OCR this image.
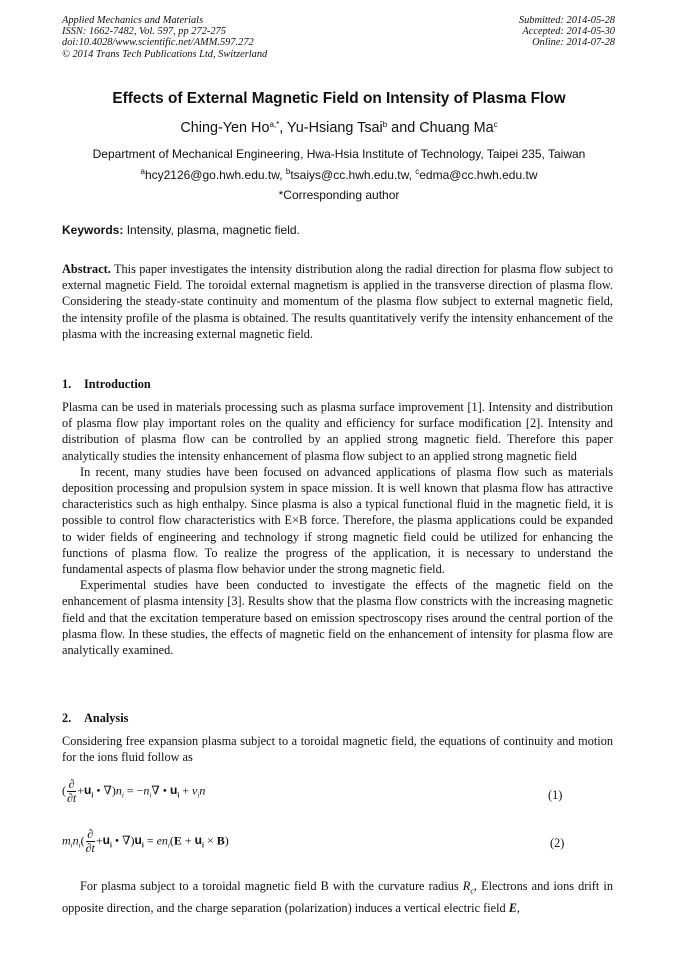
Applied Mechanics and Materials
ISSN: 1662-7482, Vol. 597, pp 272-275
doi:10.4028/www.scientific.net/AMM.597.272
© 2014 Trans Tech Publications Ltd, Switzerland
Submitted: 2014-05-28
Accepted: 2014-05-30
Online: 2014-07-28
Effects of External Magnetic Field on Intensity of Plasma Flow
Ching-Yen $Ho^{a,*}$, Yu-Hsiang Tsai$^b$ and Chuang Ma$^c$
Department of Mechanical Engineering, Hwa-Hsia Institute of Technology, Taipei 235, Taiwan
$^a$hcy2126@go.hwh.edu.tw, $^b$tsaiys@cc.hwh.edu.tw, $^c$edma@cc.hwh.edu.tw
*Corresponding author
Keywords: Intensity, plasma, magnetic field.

Abstract. This paper investigates the intensity distribution along the radial direction for plasma flow subject to external magnetic Field. The toroidal external magnetism is applied in the transverse direction of plasma flow. Considering the steady-state continuity and momentum of the plasma flow subject to external magnetic field, the intensity profile of the plasma is obtained. The results quantitatively verify the intensity enhancement of the plasma with the increasing external magnetic field.

1. Introduction

Plasma can be used in materials processing such as plasma surface improvement [1]. Intensity and distribution of plasma flow play important roles on the quality and efficiency for surface modification [2]. Intensity and distribution of plasma flow can be controlled by an applied strong magnetic field. Therefore this paper analytically studies the intensity enhancement of plasma flow subject to an applied strong magnetic field

In recent, many studies have been focused on advanced applications of plasma flow such as materials deposition processing and propulsion system in space mission. It is well known that plasma flow has attractive characteristics such as high enthalpy. Since plasma is also a typical functional fluid in the magnetic field, it is possible to control flow characteristics with E×B force. Therefore, the plasma applications could be expanded to wider fields of engineering and technology if strong magnetic field could be utilized for enhancing the functions of plasma flow. To realize the progress of the application, it is necessary to understand the fundamental aspects of plasma flow behavior under the strong magnetic field.

Experimental studies have been conducted to investigate the effects of the magnetic field on the enhancement of plasma intensity [3]. Results show that the plasma flow constricts with the increasing magnetic field and that the excitation temperature based on emission spectroscopy rises around the central portion of the plasma flow. In these studies, the effects of magnetic field on the enhancement of intensity for plasma flow are analytically examined.

2. Analysis

Considering free expansion plasma subject to a toroidal magnetic field, the equations of continuity and motion for the ions fluid follow as

( $\frac{\partial}{\partial t} +u_i$ • $\nabla)n_i = -n_i\nabla$ • $u_i + \nu_in$	(1)
$m_in_i( \frac{\partial}{\partial t} +u_i$ • $\nabla)u_i = en_i(E + u_i \times B)$	(2)

For plasma subject to a toroidal magnetic field B with the curvature radius $R_c$, Electrons and ions drift in opposite direction, and the charge separation (polarization) induces a vertical electric field E,
